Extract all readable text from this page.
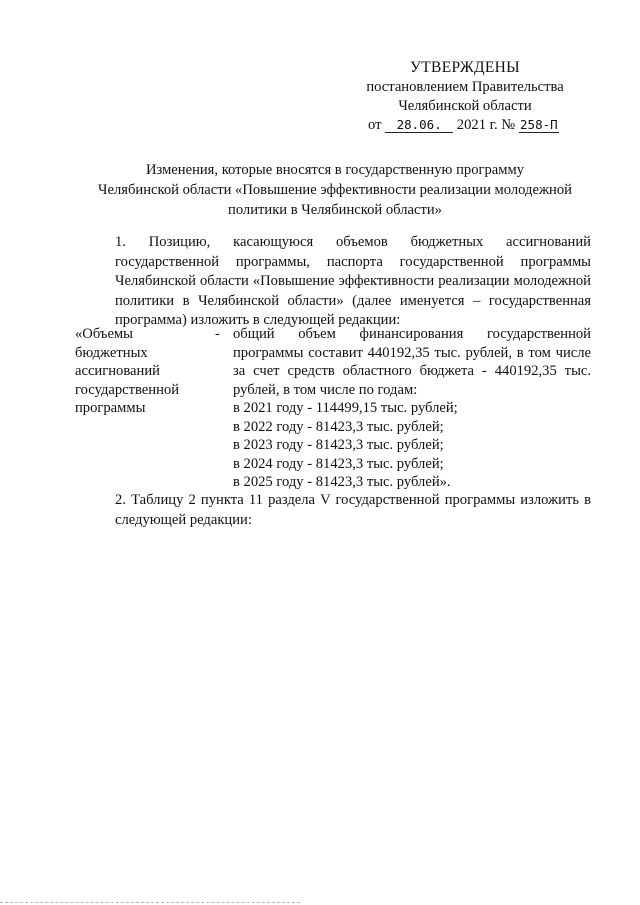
УТВЕРЖДЕНЫ
постановлением Правительства
Челябинской области
от 28.06. 2021 г. № 258-П
Изменения, которые вносятся в государственную программу
Челябинской области «Повышение эффективности реализации молодежной
политики в Челябинской области»
1. Позицию, касающуюся объемов бюджетных ассигнований государственной программы, паспорта государственной программы Челябинской области «Повышение эффективности реализации молодежной политики в Челябинской области» (далее именуется – государственная программа) изложить в следующей редакции:
«Объемы
бюджетных
ассигнований
государственной
программы
- общий объем финансирования государственной программы составит 440192,35 тыс. рублей, в том числе за счет средств областного бюджета - 440192,35 тыс. рублей, в том числе по годам:
в 2021 году - 114499,15 тыс. рублей;
в 2022 году - 81423,3 тыс. рублей;
в 2023 году - 81423,3 тыс. рублей;
в 2024 году - 81423,3 тыс. рублей;
в 2025 году - 81423,3 тыс. рублей».
2. Таблицу 2 пункта 11 раздела V государственной программы изложить в следующей редакции:
